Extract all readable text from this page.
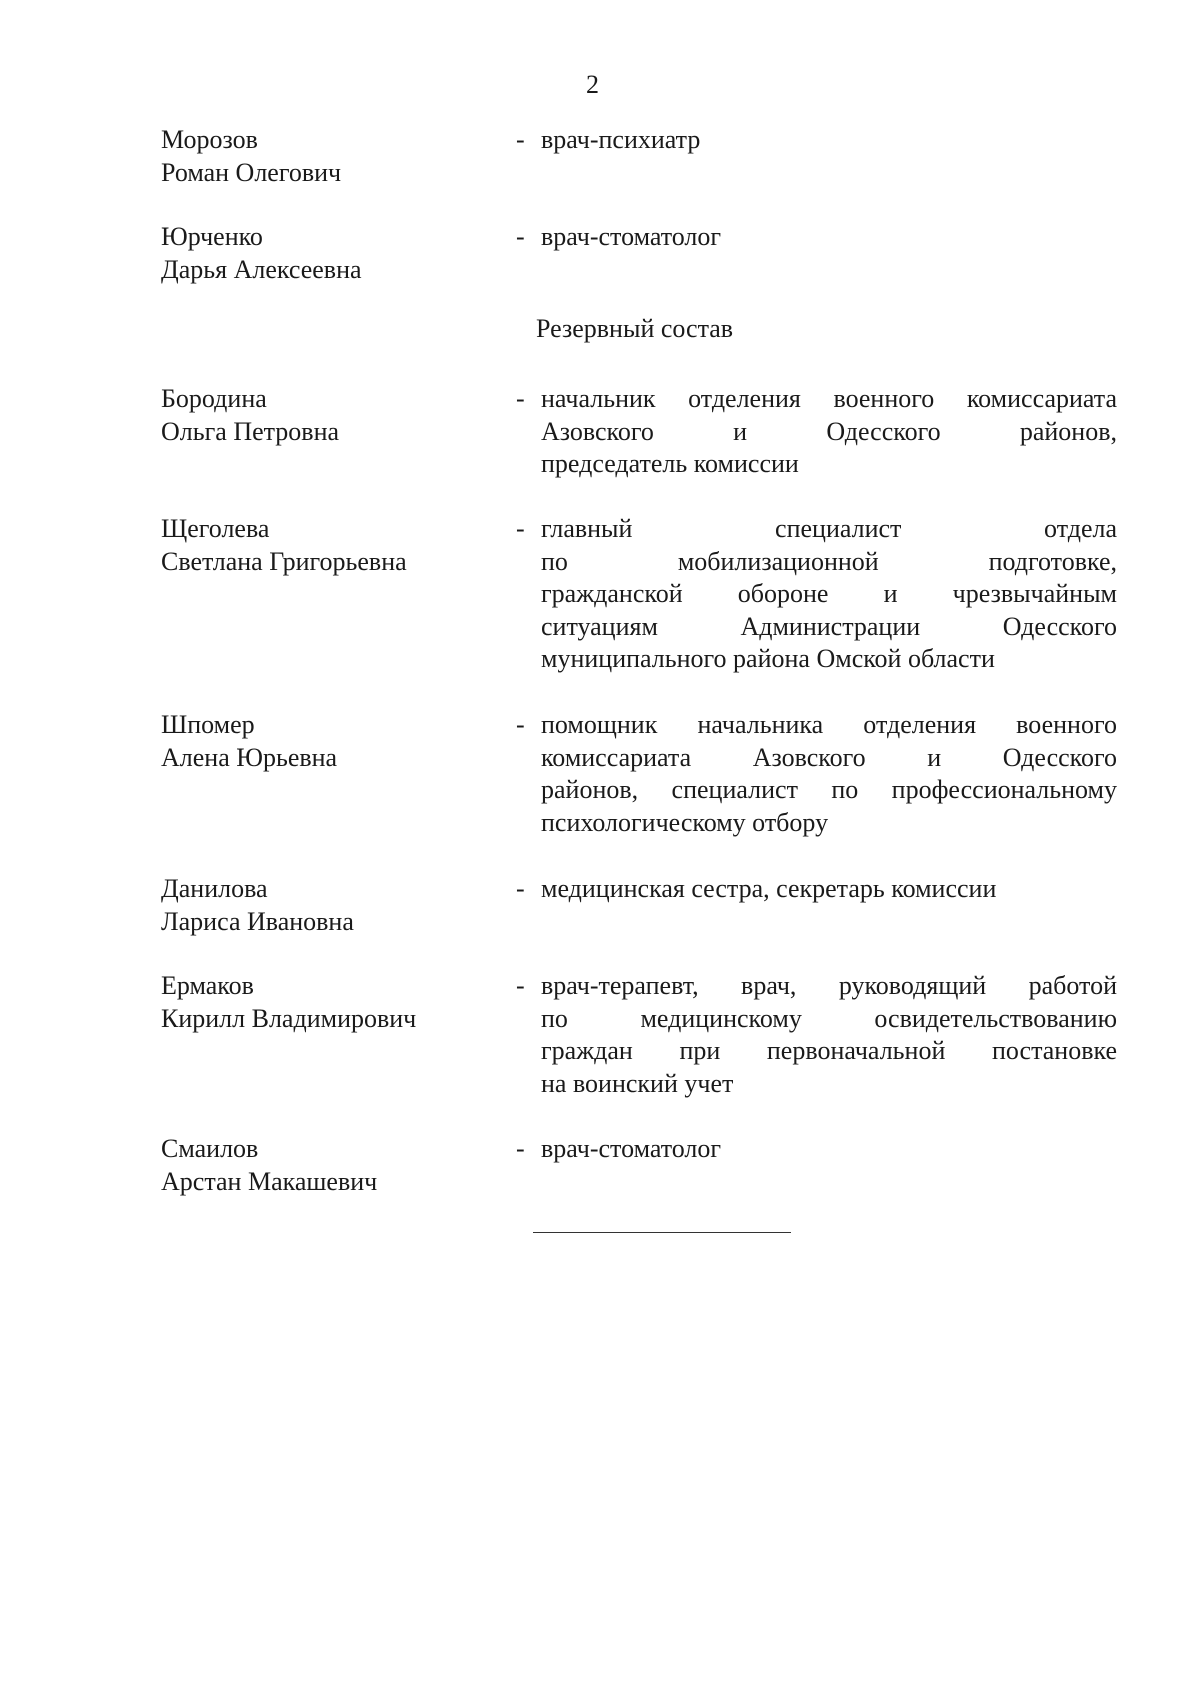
2
Морозов
Роман Олегович
- врач-психиатр
Юрченко
Дарья Алексеевна
- врач-стоматолог
Резервный состав
Бородина
Ольга Петровна
- начальник отделения военного комиссариата
Азовского и Одесского районов,
председатель комиссии
Щеголева
Светлана Григорьевна
- главный специалист отдела
по мобилизационной подготовке,
гражданской обороне и чрезвычайным
ситуациям Администрации Одесского
муниципального района Омской области
Шпомер
Алена Юрьевна
- помощник начальника отделения военного
комиссариата Азовского и Одесского
районов, специалист по профессиональному
психологическому отбору
Данилова
Лариса Ивановна
- медицинская сестра, секретарь комиссии
Ермаков
Кирилл Владимирович
- врач-терапевт, врач, руководящий работой
по медицинскому освидетельствованию
граждан при первоначальной постановке
на воинский учет
Смаилов
Арстан Макашевич
- врач-стоматолог
